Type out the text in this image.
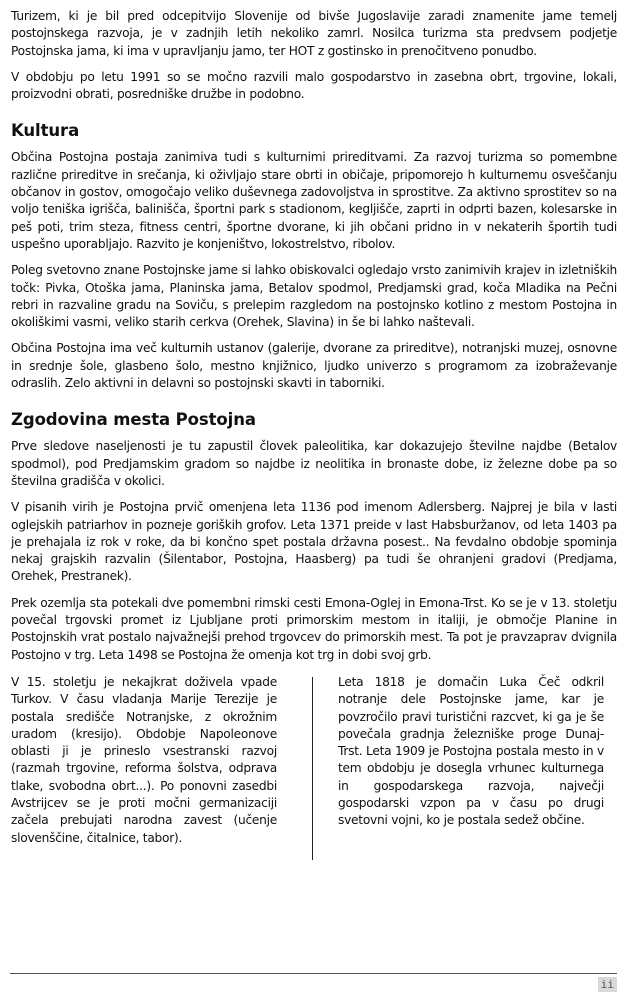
Turizem, ki je bil pred odcepitvijo Slovenije od bivše Jugoslavije zaradi znamenite jame temelj postojnskega razvoja, je v zadnjih letih nekoliko zamrl. Nosilca turizma sta predvsem podjetje Postojnska jama, ki ima v upravljanju jamo, ter HOT z gostinsko in prenočitveno ponudbo.

V obdobju po letu 1991 so se močno razvili malo gospodarstvo in zasebna obrt, trgovine, lokali, proizvodni obrati, posredniške družbe in podobno.

Kultura

Občina Postojna postaja zanimiva tudi s kulturnimi prireditvami. Za razvoj turizma so pomembne različne prireditve in srečanja, ki oživljajo stare obrti in običaje, pripomorejo h kulturnemu osveščanju občanov in gostov, omogočajo veliko duševnega zadovoljstva in sprostitve. Za aktivno sprostitev so na voljo teniška igrišča, balinišča, športni park s stadionom, kegljišče, zaprti in odprti bazen, kolesarske in peš poti, trim steza, fitness centri, športne dvorane, ki jih občani pridno in v nekaterih športih tudi uspešno uporabljajo. Razvito je konjeništvo, lokostrelstvo, ribolov.

Poleg svetovno znane Postojnske jame si lahko obiskovalci ogledajo vrsto zanimivih krajev in izletniških točk: Pivka, Otoška jama, Planinska jama, Betalov spodmol, Predjamski grad, koča Mladika na Pečni rebri in razvaline gradu na Soviču, s prelepim razgledom na postojnsko kotlino z mestom Postojna in okoliškimi vasmi, veliko starih cerkva (Orehek, Slavina) in še bi lahko naštevali.

Občina Postojna ima več kulturnih ustanov (galerije, dvorane za prireditve), notranjski muzej, osnovne in srednje šole, glasbeno šolo, mestno knjižnico, ljudko univerzo s programom za izobraževanje odraslih. Zelo aktivni in delavni so postojnski skavti in taborniki.

Zgodovina mesta Postojna

Prve sledove naseljenosti je tu zapustil človek paleolitika, kar dokazujejo številne najdbe (Betalov spodmol), pod Predjamskim gradom so najdbe iz neolitika in bronaste dobe, iz železne dobe pa so številna gradišča v okolici.

V pisanih virih je Postojna prvič omenjena leta 1136 pod imenom Adlersberg. Najprej je bila v lasti oglejskih patriarhov in pozneje goriških grofov. Leta 1371 preide v last Habsburžanov, od leta 1403 pa je prehajala iz rok v roke, da bi končno spet postala državna posest.. Na fevdalno obdobje spominja nekaj grajskih razvalin (Šilentabor, Postojna, Haasberg) pa tudi še ohranjeni gradovi (Predjama, Orehek, Prestranek).

Prek ozemlja sta potekali dve pomembni rimski cesti Emona-Oglej in Emona-Trst. Ko se je v 13. stoletju povečal trgovski promet iz Ljubljane proti primorskim mestom in italiji, je območje Planine in Postojnskih vrat postalo najvažnejši prehod trgovcev do primorskih mest. Ta pot je pravzaprav dvignila Postojno v trg. Leta 1498 se Postojna že omenja kot trg in dobi svoj grb.

V 15. stoletju je nekajkrat doživela vpade Turkov. V času vladanja Marije Terezije je postala središče Notranjske, z okrožnim uradom (kresijo). Obdobje Napoleonove oblasti ji je prineslo vsestranski razvoj (razmah trgovine, reforma šolstva, odprava tlake, svobodna obrt...). Po ponovni zasedbi Avstrijcev se je proti močni germanizaciji začela prebujati narodna zavest (učenje slovenščine, čitalnice, tabor).

Leta 1818 je domačin Luka Čeč odkril notranje dele Postojnske jame, kar je povzročilo pravi turistični razcvet, ki ga je še povečala gradnja železniške proge Dunaj-Trst. Leta 1909 je Postojna postala mesto in v tem obdobju je dosegla vrhunec kulturnega in gospodarskega razvoja, največji gospodarski vzpon pa v času po drugi svetovni vojni, ko je postala sedež občine.

ii
